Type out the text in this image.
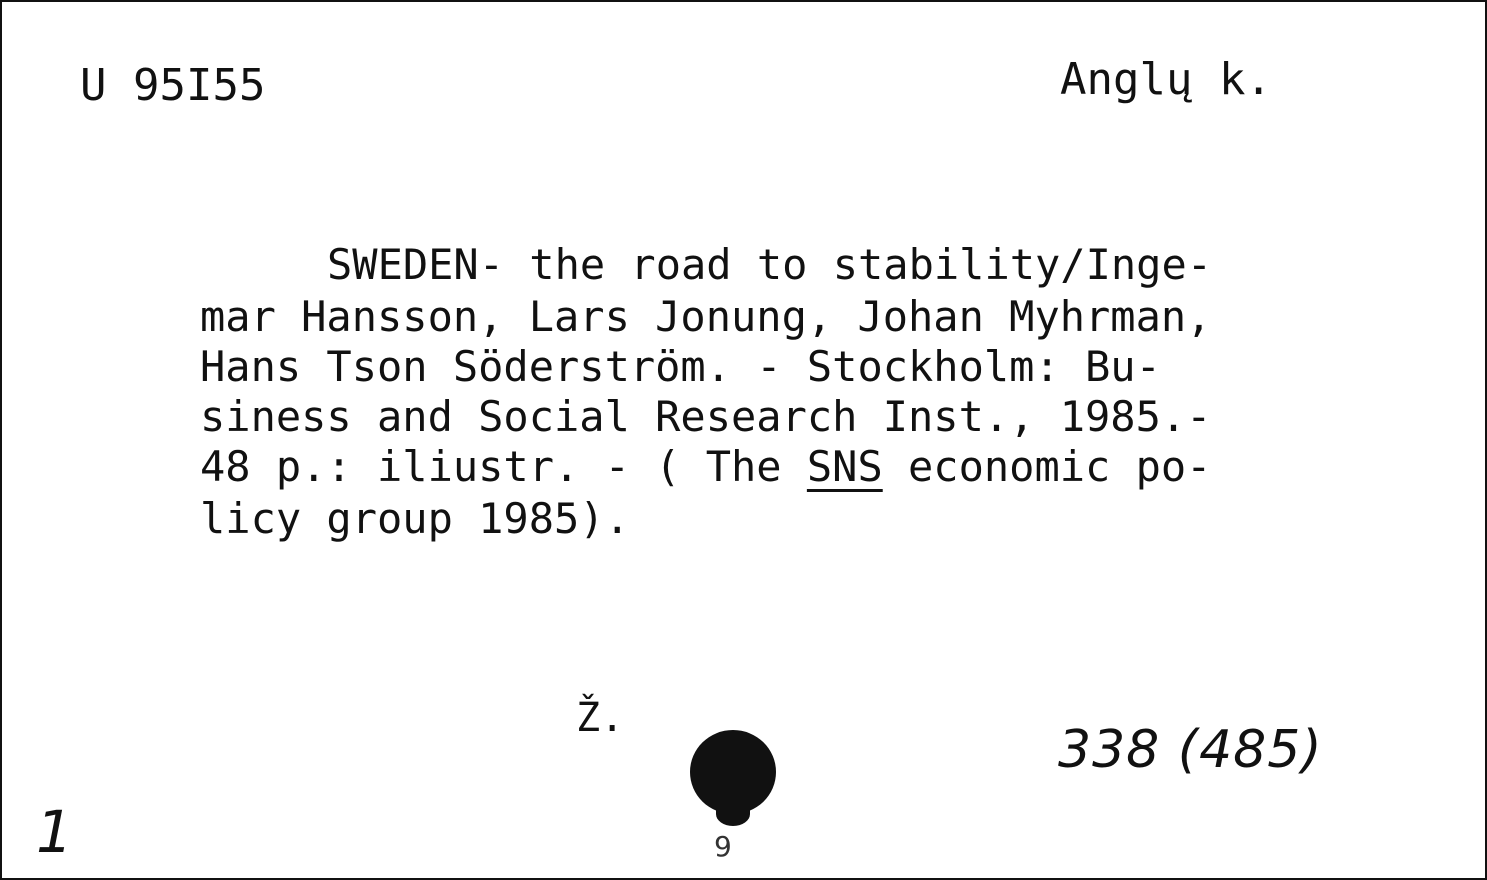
U 95I55	Anglų k.
SWEDEN- the road to stability/Inge-
mar Hansson, Lars Jonung, Johan Myhrman,
Hans Tson Söderström. - Stockholm: Bu-
siness and Social Research Inst., 1985.-
48 p.: iliustr. - ( The SNS economic po-
licy group 1985).
Ž.
9
338 (485)
1
